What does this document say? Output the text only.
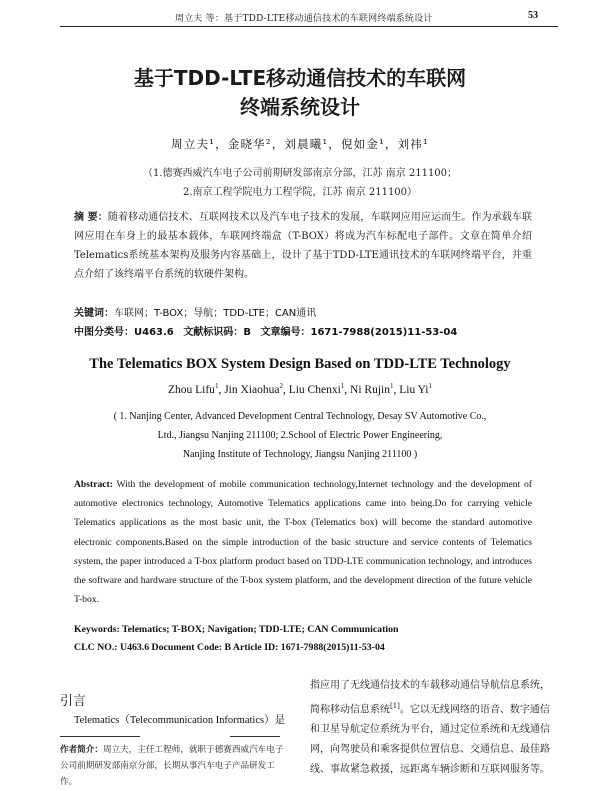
周立夫 等：基于TDD-LTE移动通信技术的车联网终端系统设计	53
基于TDD-LTE移动通信技术的车联网
终端系统设计
周立夫¹，金晓华²，刘晨曦¹，倪如金¹，刘祎¹
（1.德赛西威汽车电子公司前期研发部南京分部，江苏 南京 211100；
2.南京工程学院电力工程学院，江苏 南京 211100）
摘 要：随着移动通信技术、互联网技术以及汽车电子技术的发展，车联网应用应运而生。作为承载车联网应用在车身上的最基本载体，车联网终端盒（T-BOX）将成为汽车标配电子部件。文章在简单介绍Telematics系统基本架构及服务内容基础上，设计了基于TDD-LTE通讯技术的车联网终端平台，并重点介绍了该终端平台系统的软硬件架构。
关键词：车联网；T-BOX；导航；TDD-LTE；CAN通讯
中图分类号：U463.6 文献标识码：B 文章编号：1671-7988(2015)11-53-04
The Telematics BOX System Design Based on TDD-LTE Technology
Zhou Lifu$^1$, Jin Xiaohua$^2$, Liu Chenxi$^1$, Ni Rujin$^1$, Liu Yi$^1$
( 1. Nanjing Center, Advanced Development Central Technology, Desay SV Automotive Co.,
Ltd., Jiangsu Nanjing 211100; 2.School of Electric Power Engineering,
Nanjing Institute of Technology, Jiangsu Nanjing 211100 )
Abstract: With the development of mobile communication technology,Internet technology and the development of automotive electronics technology, Automotive Telematics applications came into being.Do for carrying vehicle Telematics applications as the most basic unit, the T-box (Telematics box) will become the standard automotive electronic components.Based on the simple introduction of the basic structure and service contents of Telematics system, the paper introduced a T-box platform product based on TDD-LTE communication technology, and introduces the software and hardware structure of the T-box system platform, and the development direction of the future vehicle T-box.
Keywords: Telematics; T-BOX; Navigation; TDD-LTE; CAN Communication
CLC NO.: U463.6 Document Code: B Article ID: 1671-7988(2015)11-53-04
引言
Telematics（Telecommunication Informatics）是
作者简介：周立夫，主任工程师，就职于德赛西威汽车电子公司前期研发部南京分部，长期从事汽车电子产品研发工作。
指应用了无线通信技术的车载移动通信导航信息系统，简称移动信息系统[1]。它以无线网络的语音、数字通信和卫星导航定位系统为平台，通过定位系统和无线通信网，向驾驶员和乘客提供位置信息、交通信息、最佳路线、事故紧急救援，远距离车辆诊断和互联网服务等。
